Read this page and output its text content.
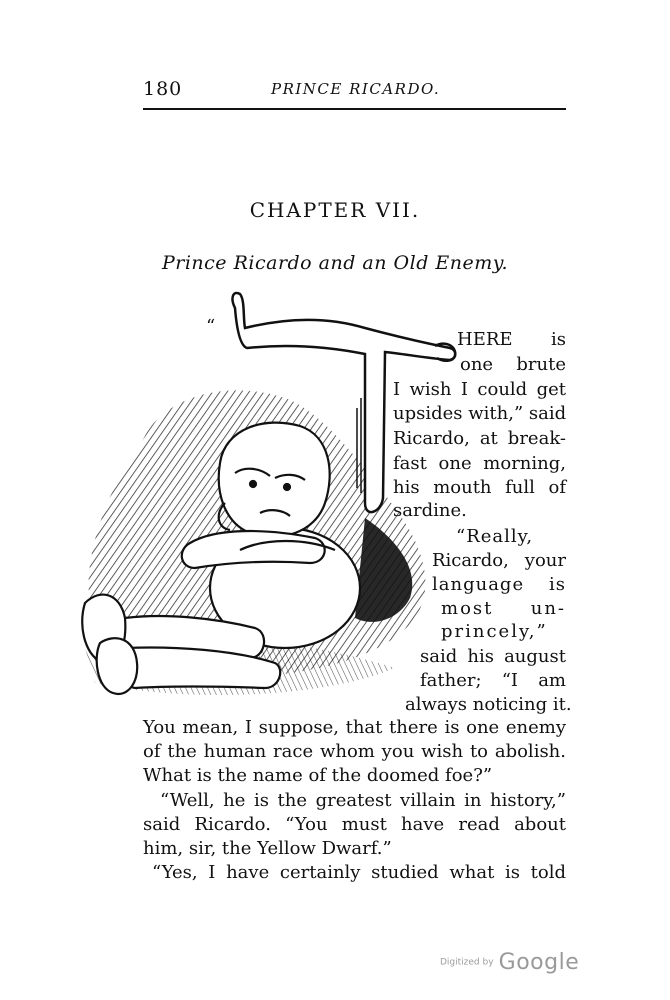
180	PRINCE RICARDO.
CHAPTER VII.
Prince Ricardo and an Old Enemy.
“
HERE is
one brute
I wish I could get
upsides with,” said
Ricardo, at break-
fast one morning,
his mouth full of
sardine.
“Really,
Ricardo, your
language is
most un-
princely,”
said his august
father; “I am
always noticing it.
You mean, I suppose, that there is one enemy
of the human race whom you wish to abolish.
What is the name of the doomed foe?”
“Well, he is the greatest villain in history,”
said Ricardo. “You must have read about
him, sir, the Yellow Dwarf.”
“Yes, I have certainly studied what is told
Digitized by Google
